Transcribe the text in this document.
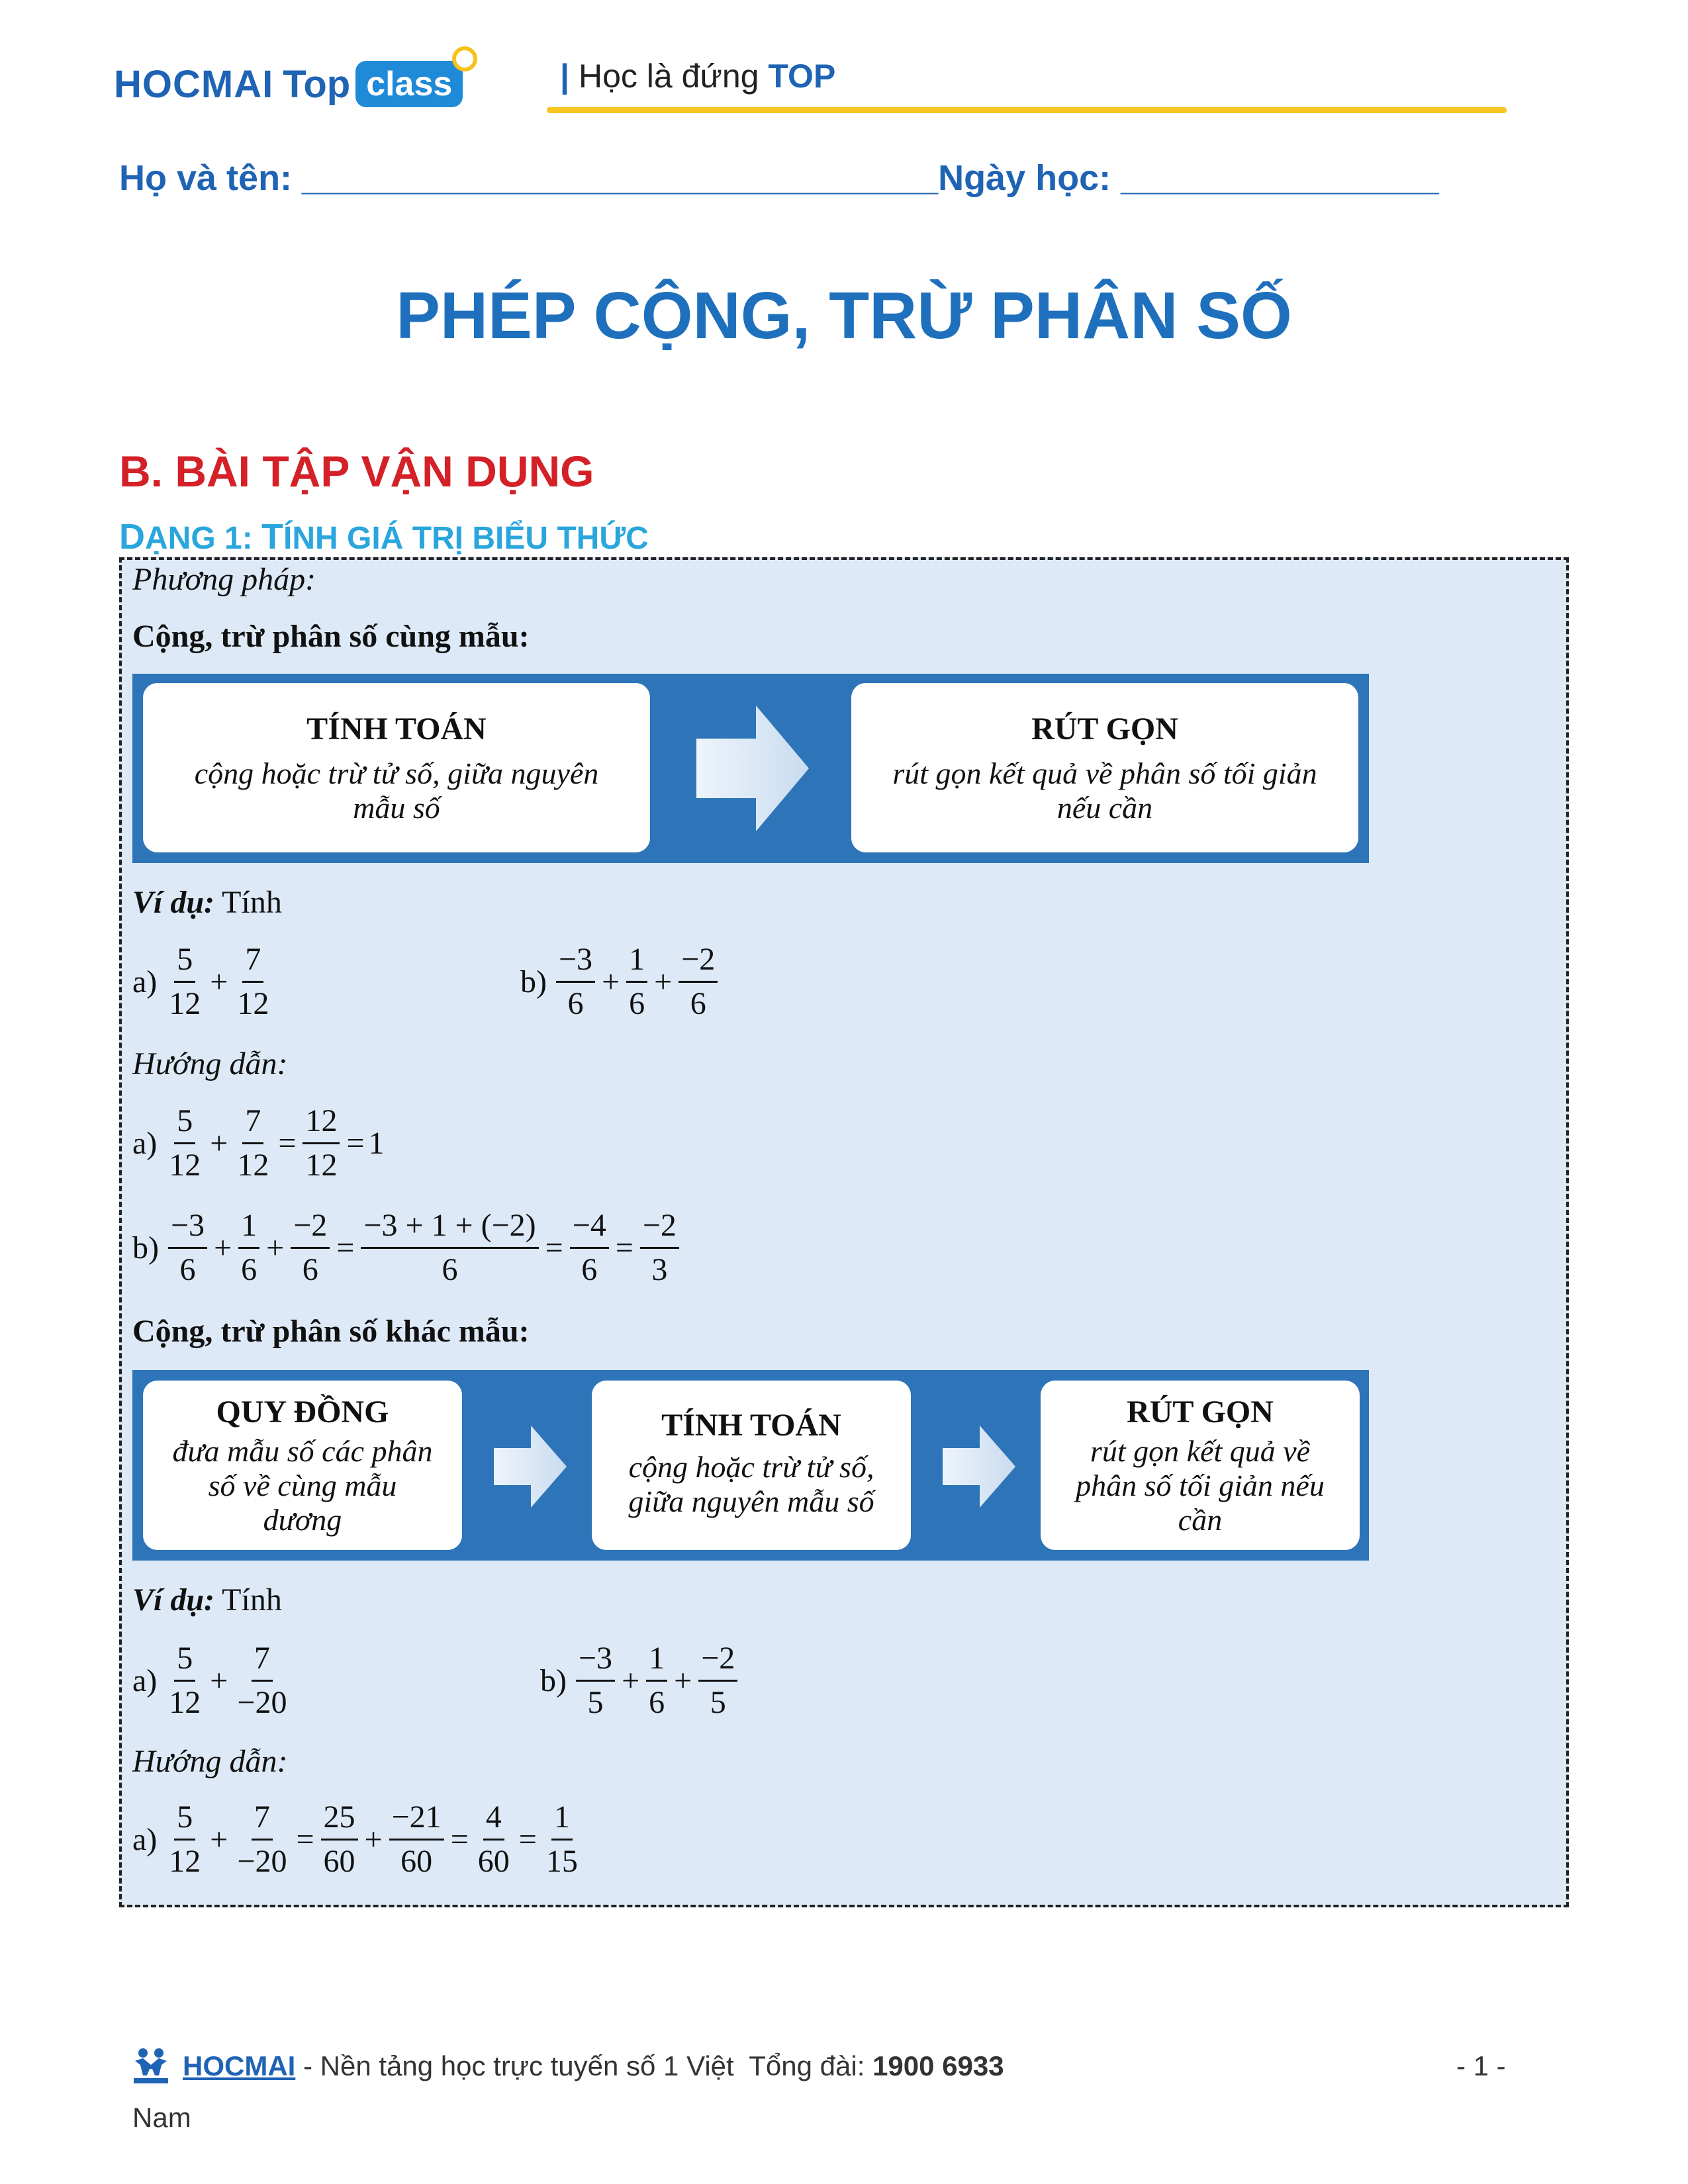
HOCMAI Top class	| Học là đứng TOP
Họ và tên: ________________________________Ngày học: ________________
PHÉP CỘNG, TRỪ PHÂN SỐ
B. BÀI TẬP VẬN DỤNG
DẠNG 1: TÍNH GIÁ TRỊ BIỂU THỨC
Phương pháp:
Cộng, trừ phân số cùng mẫu:
TÍNH TOÁN
cộng hoặc trừ tử số, giữa nguyên
mẫu số
RÚT GỌN
rút gọn kết quả về phân số tối giản
nếu cần
Ví dụ: Tính
$a) \frac{5}{12} + \frac{7}{12}$	$b) \frac{-3}{6} + \frac{1}{6} + \frac{-2}{6}$
Hướng dẫn:
$a) \frac{5}{12} + \frac{7}{12} = \frac{12}{12} = 1$
$b) \frac{-3}{6} + \frac{1}{6} + \frac{-2}{6} = \frac{-3 + 1 + (-2)}{6} = \frac{-4}{6} = \frac{-2}{3}$
Cộng, trừ phân số khác mẫu:
QUY ĐỒNG
đưa mẫu số các phân
số về cùng mẫu
dương
TÍNH TOÁN
cộng hoặc trừ tử số,
giữa nguyên mẫu số
RÚT GỌN
rút gọn kết quả về
phân số tối giản nếu
cần
Ví dụ: Tính
$a) \frac{5}{12} + \frac{7}{-20}$	$b) \frac{-3}{5} + \frac{1}{6} + \frac{-2}{5}$
Hướng dẫn:
$a) \frac{5}{12} + \frac{7}{-20} = \frac{25}{60} + \frac{-21}{60} = \frac{4}{60} = \frac{1}{15}$
HOCMAI - Nền tảng học trực tuyến số 1 Việt  Tổng đài: 1900 6933	- 1 -
Nam
